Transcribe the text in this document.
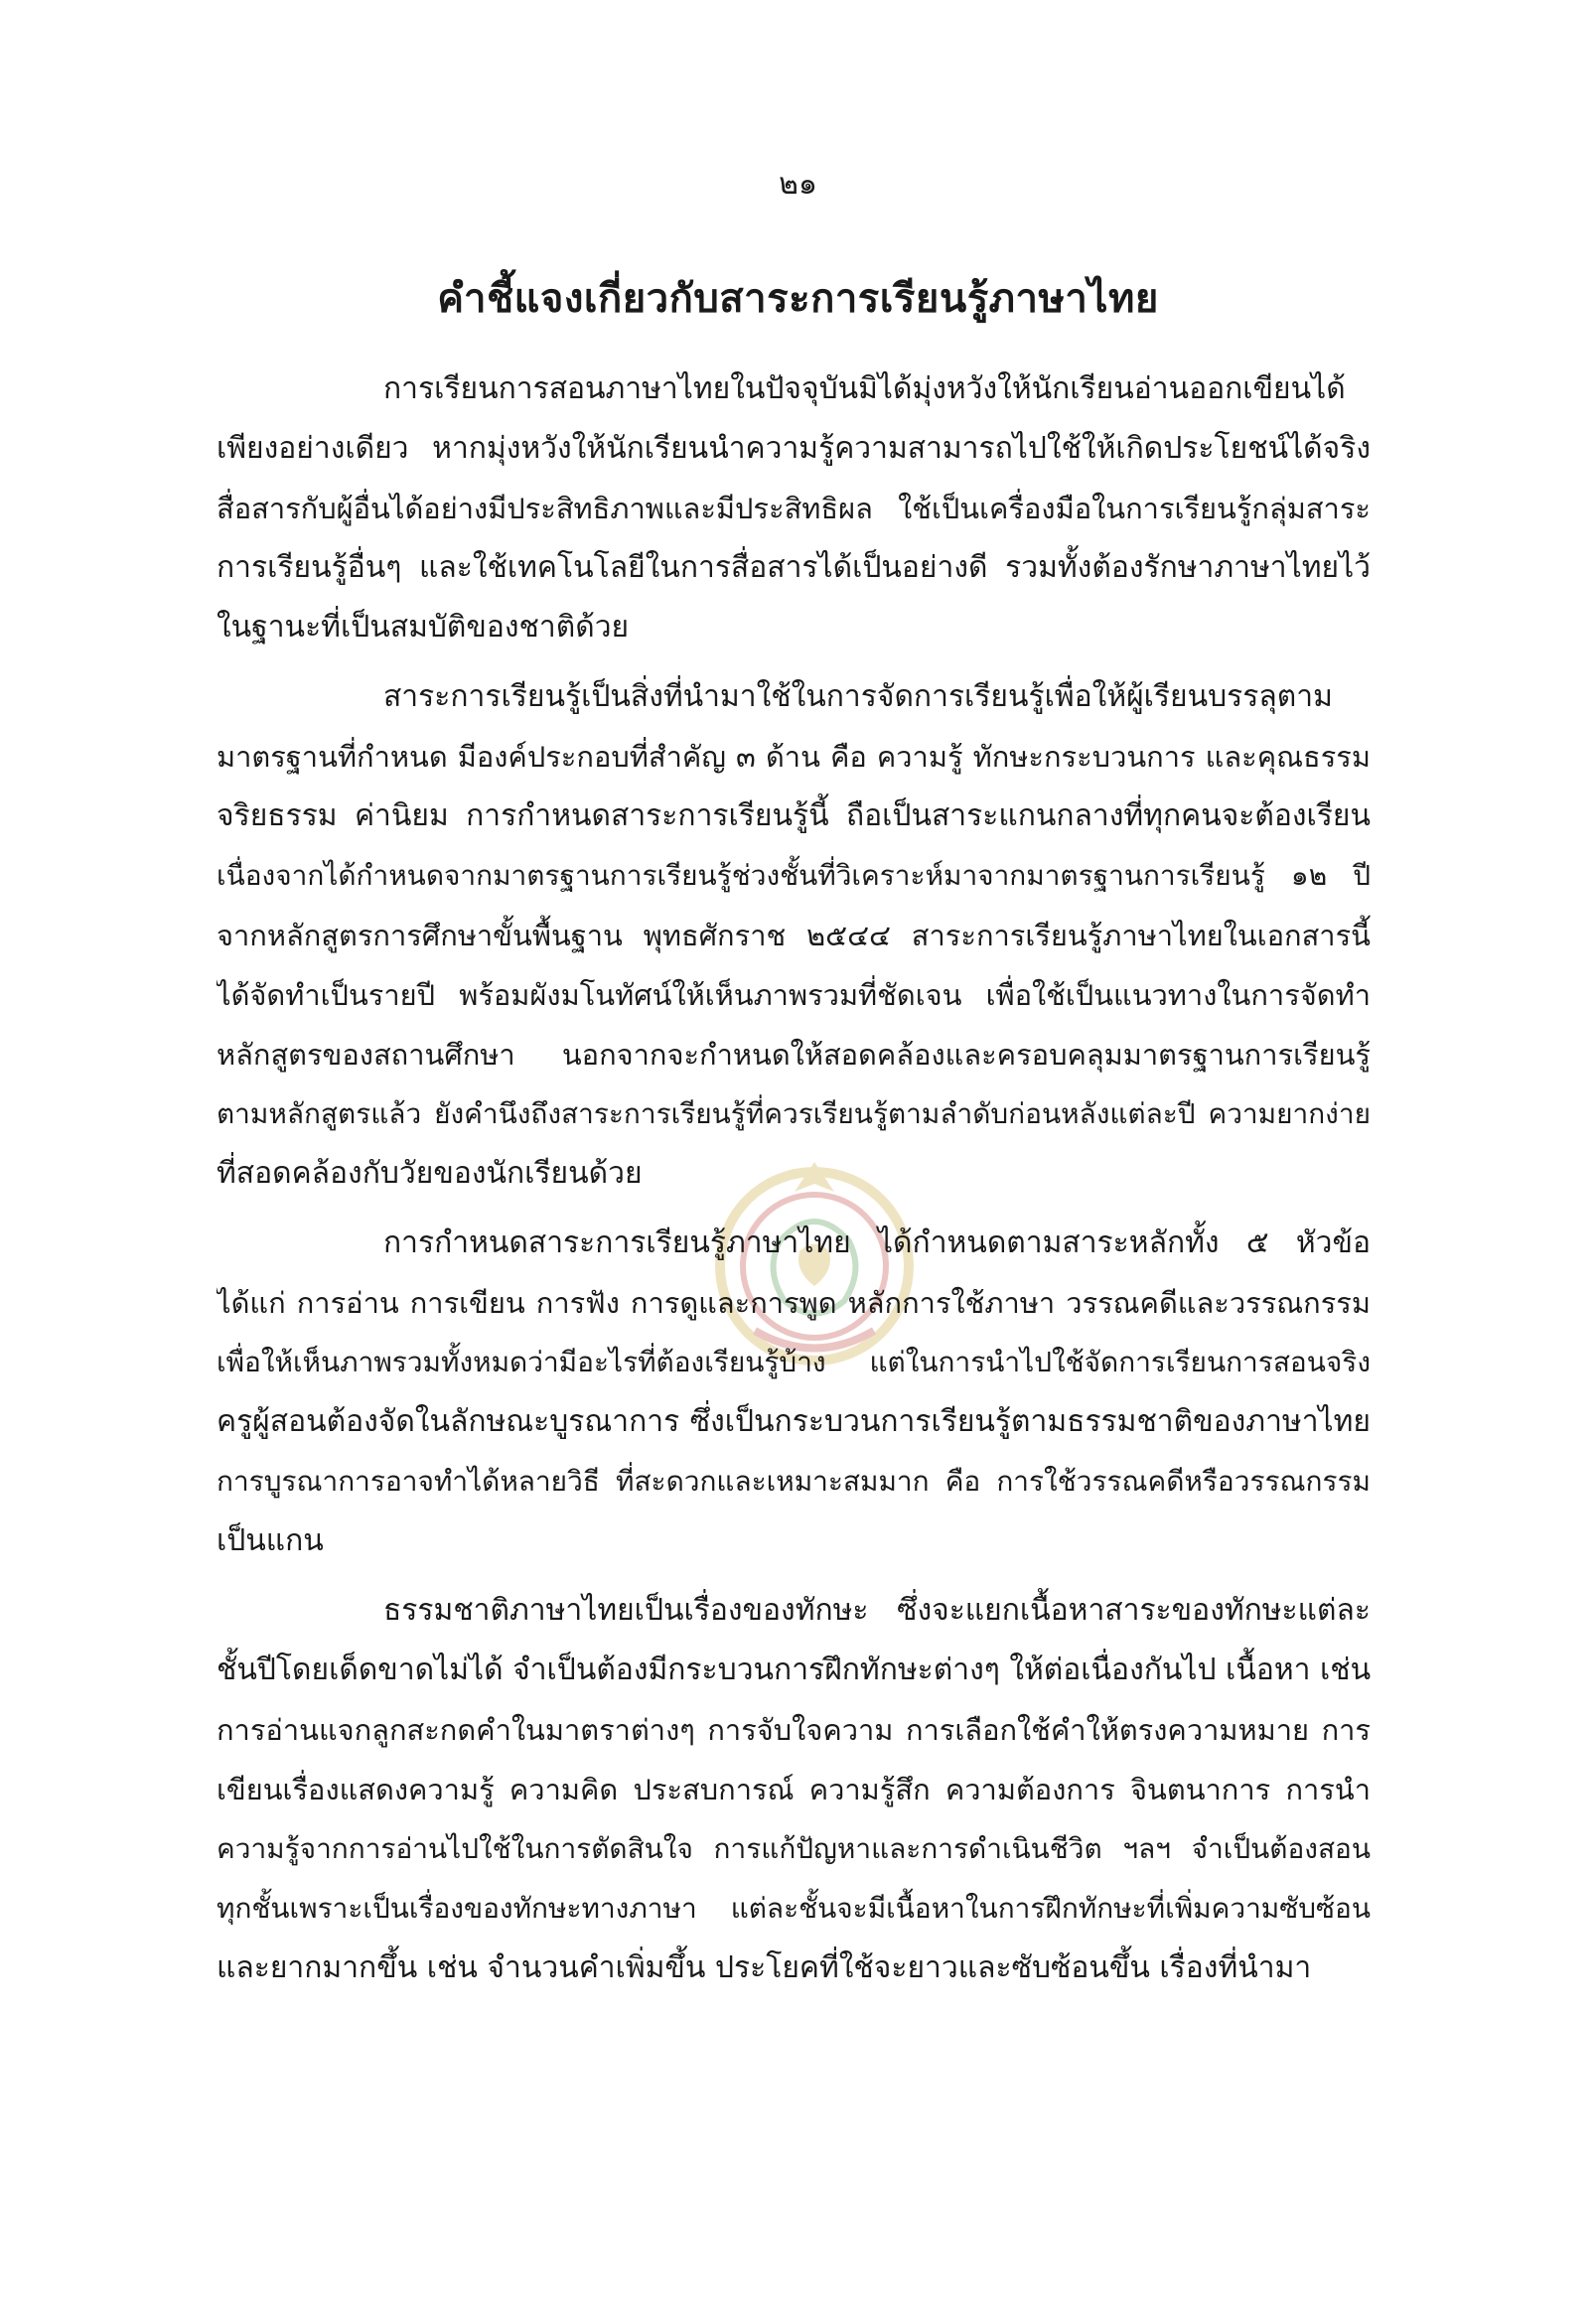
๒๑
คำชี้แจงเกี่ยวกับสาระการเรียนรู้ภาษาไทย
การเรียนการสอนภาษาไทยในปัจจุบันมิได้มุ่งหวังให้นักเรียนอ่านออกเขียนได้
เพียงอย่างเดียว หากมุ่งหวังให้นักเรียนนำความรู้ความสามารถไปใช้ให้เกิดประโยชน์ได้จริง
สื่อสารกับผู้อื่นได้อย่างมีประสิทธิภาพและมีประสิทธิผล ใช้เป็นเครื่องมือในการเรียนรู้กลุ่มสาระ
การเรียนรู้อื่นๆ และใช้เทคโนโลยีในการสื่อสารได้เป็นอย่างดี รวมทั้งต้องรักษาภาษาไทยไว้
ในฐานะที่เป็นสมบัติของชาติด้วย
สาระการเรียนรู้เป็นสิ่งที่นำมาใช้ในการจัดการเรียนรู้เพื่อให้ผู้เรียนบรรลุตาม
มาตรฐานที่กำหนด มีองค์ประกอบที่สำคัญ ๓ ด้าน คือ ความรู้ ทักษะกระบวนการ และคุณธรรม
จริยธรรม ค่านิยม การกำหนดสาระการเรียนรู้นี้ ถือเป็นสาระแกนกลางที่ทุกคนจะต้องเรียน
เนื่องจากได้กำหนดจากมาตรฐานการเรียนรู้ช่วงชั้นที่วิเคราะห์มาจากมาตรฐานการเรียนรู้ ๑๒ ปี
จากหลักสูตรการศึกษาขั้นพื้นฐาน พุทธศักราช ๒๕๔๔ สาระการเรียนรู้ภาษาไทยในเอกสารนี้
ได้จัดทำเป็นรายปี พร้อมผังมโนทัศน์ให้เห็นภาพรวมที่ชัดเจน เพื่อใช้เป็นแนวทางในการจัดทำ
หลักสูตรของสถานศึกษา นอกจากจะกำหนดให้สอดคล้องและครอบคลุมมาตรฐานการเรียนรู้
ตามหลักสูตรแล้ว ยังคำนึงถึงสาระการเรียนรู้ที่ควรเรียนรู้ตามลำดับก่อนหลังแต่ละปี ความยากง่าย
ที่สอดคล้องกับวัยของนักเรียนด้วย
การกำหนดสาระการเรียนรู้ภาษาไทย ได้กำหนดตามสาระหลักทั้ง ๕ หัวข้อ
ได้แก่ การอ่าน การเขียน การฟัง การดูและการพูด หลักการใช้ภาษา วรรณคดีและวรรณกรรม
เพื่อให้เห็นภาพรวมทั้งหมดว่ามีอะไรที่ต้องเรียนรู้บ้าง แต่ในการนำไปใช้จัดการเรียนการสอนจริง
ครูผู้สอนต้องจัดในลักษณะบูรณาการ ซึ่งเป็นกระบวนการเรียนรู้ตามธรรมชาติของภาษาไทย
การบูรณาการอาจทำได้หลายวิธี ที่สะดวกและเหมาะสมมาก คือ การใช้วรรณคดีหรือวรรณกรรม
เป็นแกน
ธรรมชาติภาษาไทยเป็นเรื่องของทักษะ ซึ่งจะแยกเนื้อหาสาระของทักษะแต่ละ
ชั้นปีโดยเด็ดขาดไม่ได้ จำเป็นต้องมีกระบวนการฝึกทักษะต่างๆ ให้ต่อเนื่องกันไป เนื้อหา เช่น
การอ่านแจกลูกสะกดคำในมาตราต่างๆ การจับใจความ การเลือกใช้คำให้ตรงความหมาย การ
เขียนเรื่องแสดงความรู้ ความคิด ประสบการณ์ ความรู้สึก ความต้องการ จินตนาการ การนำ
ความรู้จากการอ่านไปใช้ในการตัดสินใจ การแก้ปัญหาและการดำเนินชีวิต ฯลฯ จำเป็นต้องสอน
ทุกชั้นเพราะเป็นเรื่องของทักษะทางภาษา แต่ละชั้นจะมีเนื้อหาในการฝึกทักษะที่เพิ่มความซับซ้อน
และยากมากขึ้น เช่น จำนวนคำเพิ่มขึ้น ประโยคที่ใช้จะยาวและซับซ้อนขึ้น เรื่องที่นำมา
